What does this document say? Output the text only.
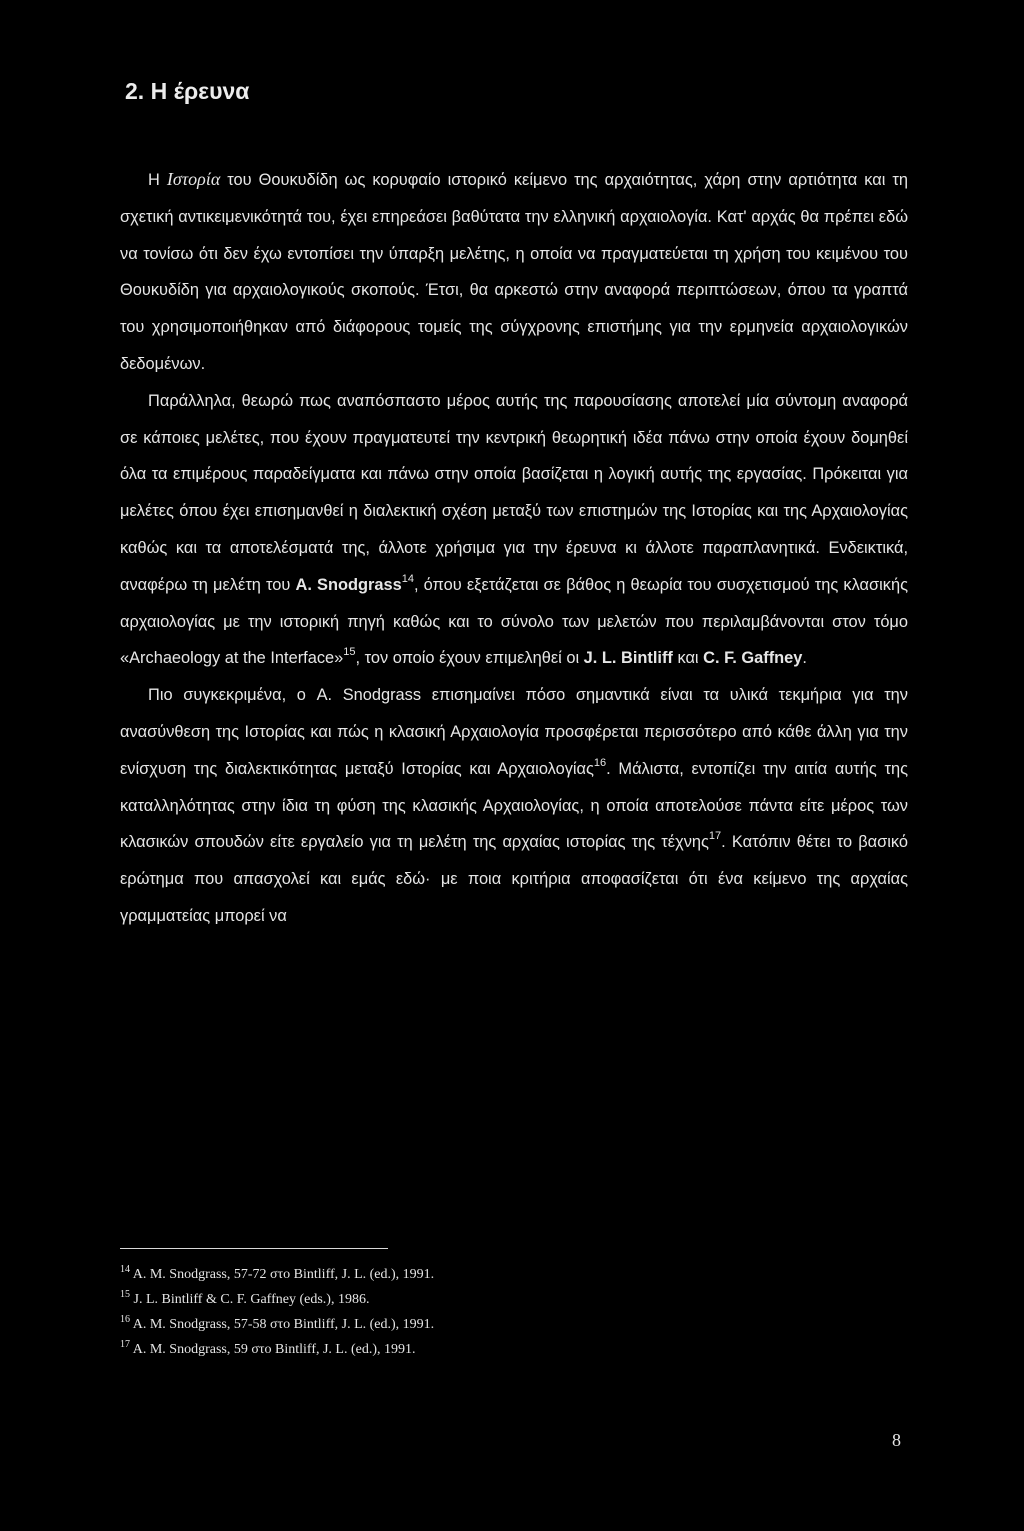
2. Η έρευνα

Η Ιστορία του Θουκυδίδη ως κορυφαίο ιστορικό κείμενο της αρχαιότητας, χάρη στην αρτιότητα και τη σχετική αντικειμενικότητά του, έχει επηρεάσει βαθύτατα την ελληνική αρχαιολογία. Κατ' αρχάς θα πρέπει εδώ να τονίσω ότι δεν έχω εντοπίσει την ύπαρξη μελέτης, η οποία να πραγματεύεται τη χρήση του κειμένου του Θουκυδίδη για αρχαιολογικούς σκοπούς. Έτσι, θα αρκεστώ στην αναφορά περιπτώσεων, όπου τα γραπτά του χρησιμοποιήθηκαν από διάφορους τομείς της σύγχρονης επιστήμης για την ερμηνεία αρχαιολογικών δεδομένων.

Παράλληλα, θεωρώ πως αναπόσπαστο μέρος αυτής της παρουσίασης αποτελεί μία σύντομη αναφορά σε κάποιες μελέτες, που έχουν πραγματευτεί την κεντρική θεωρητική ιδέα πάνω στην οποία έχουν δομηθεί όλα τα επιμέρους παραδείγματα και πάνω στην οποία βασίζεται η λογική αυτής της εργασίας. Πρόκειται για μελέτες όπου έχει επισημανθεί η διαλεκτική σχέση μεταξύ των επιστημών της Ιστορίας και της Αρχαιολογίας καθώς και τα αποτελέσματά της, άλλοτε χρήσιμα για την έρευνα κι άλλοτε παραπλανητικά. Ενδεικτικά, αναφέρω τη μελέτη του A. Snodgrass$^{14}$, όπου εξετάζεται σε βάθος η θεωρία του συσχετισμού της κλασικής αρχαιολογίας με την ιστορική πηγή καθώς και το σύνολο των μελετών που περιλαμβάνονται στον τόμο «Archaeology at the Interface»$^{15}$, τον οποίο έχουν επιμεληθεί οι J. L. Bintliff και C. F. Gaffney.

Πιο συγκεκριμένα, ο A. Snodgrass επισημαίνει πόσο σημαντικά είναι τα υλικά τεκμήρια για την ανασύνθεση της Ιστορίας και πώς η κλασική Αρχαιολογία προσφέρεται περισσότερο από κάθε άλλη για την ενίσχυση της διαλεκτικότητας μεταξύ Ιστορίας και Αρχαιολογίας$^{16}$. Μάλιστα, εντοπίζει την αιτία αυτής της καταλληλότητας στην ίδια τη φύση της κλασικής Αρχαιολογίας, η οποία αποτελούσε πάντα είτε μέρος των κλασικών σπουδών είτε εργαλείο για τη μελέτη της αρχαίας ιστορίας της τέχνης$^{17}$. Κατόπιν θέτει το βασικό ερώτημα που απασχολεί και εμάς εδώ· με ποια κριτήρια αποφασίζεται ότι ένα κείμενο της αρχαίας γραμματείας μπορεί να

$^{14}$ A. M. Snodgrass, 57-72 στο Bintliff, J. L. (ed.), 1991.
$^{15}$ J. L. Bintliff & C. F. Gaffney (eds.), 1986.
$^{16}$ A. M. Snodgrass, 57-58 στο Bintliff, J. L. (ed.), 1991.
$^{17}$ A. M. Snodgrass, 59 στο Bintliff, J. L. (ed.), 1991.
8
